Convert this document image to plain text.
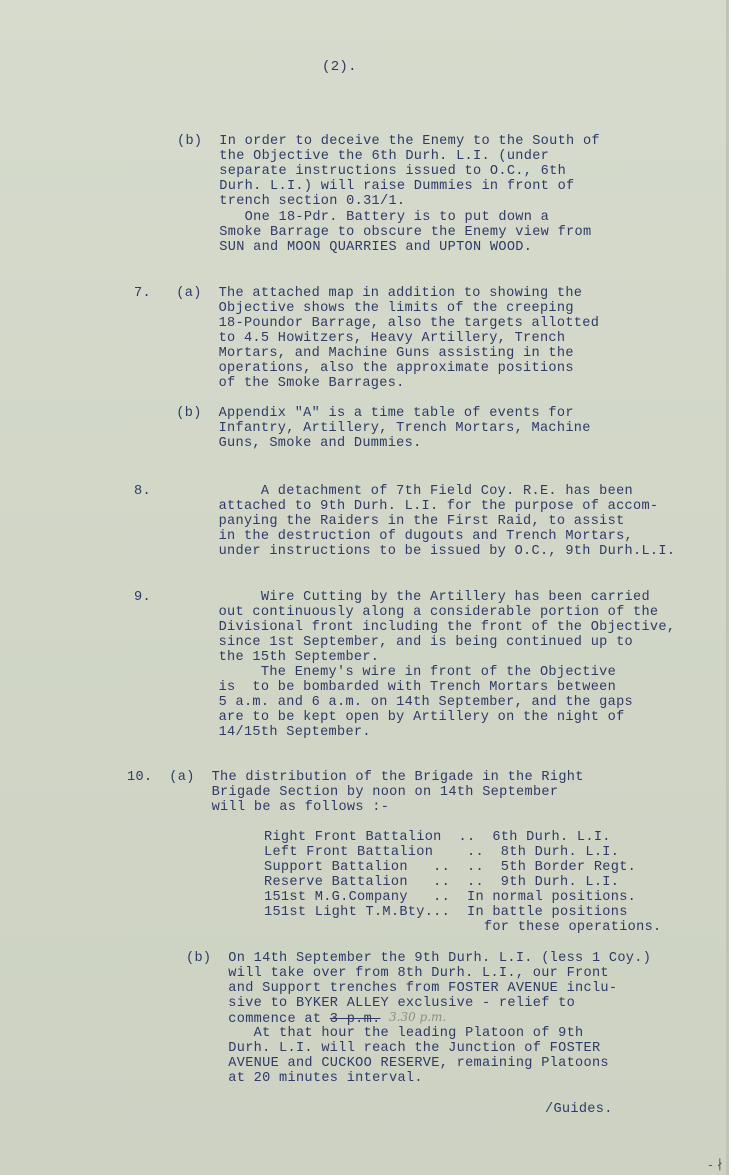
(2).
(b)  In order to deceive the Enemy to the South of
the Objective the 6th Durh. L.I. (under
separate instructions issued to O.C., 6th
Durh. L.I.) will raise Dummies in front of
trench section 0.31/1.
One 18-Pdr. Battery is to put down a
Smoke Barrage to obscure the Enemy view from
SUN and MOON QUARRIES and UPTON WOOD.
7.   (a)  The attached map in addition to showing the
Objective shows the limits of the creeping
18-Poundor Barrage, also the targets allotted
to 4.5 Howitzers, Heavy Artillery, Trench
Mortars, and Machine Guns assisting in the
operations, also the approximate positions
of the Smoke Barrages.
(b)  Appendix "A" is a time table of events for
Infantry, Artillery, Trench Mortars, Machine
Guns, Smoke and Dummies.
8.             A detachment of 7th Field Coy. R.E. has been
attached to 9th Durh. L.I. for the purpose of accom-
panying the Raiders in the First Raid, to assist
in the destruction of dugouts and Trench Mortars,
under instructions to be issued by O.C., 9th Durh.L.I.
9.             Wire Cutting by the Artillery has been carried
out continuously along a considerable portion of the
Divisional front including the front of the Objective,
since 1st September, and is being continued up to
the 15th September.
The Enemy's wire in front of the Objective
is  to be bombarded with Trench Mortars between
5 a.m. and 6 a.m. on 14th September, and the gaps
are to be kept open by Artillery on the night of
14/15th September.
10.  (a)  The distribution of the Brigade in the Right
Brigade Section by noon on 14th September
will be as follows :-
Right Front Battalion  ..  6th Durh. L.I.
Left Front Battalion    ..  8th Durh. L.I.
Support Battalion   ..  ..  5th Border Regt.
Reserve Battalion   ..  ..  9th Durh. L.I.
151st M.G.Company   ..  In normal positions.
151st Light T.M.Bty...  In battle positions
for these operations.
(b)  On 14th September the 9th Durh. L.I. (less 1 Coy.)
will take over from 8th Durh. L.I., our Front
and Support trenches from FOSTER AVENUE inclu-
sive to BYKER ALLEY exclusive - relief to
commence at 3 p.m. 3.30 p.m.
At that hour the leading Platoon of 9th
Durh. L.I. will reach the Junction of FOSTER
AVENUE and CUCKOO RESERVE, remaining Platoons
at 20 minutes interval.
/Guides.
- ∤
